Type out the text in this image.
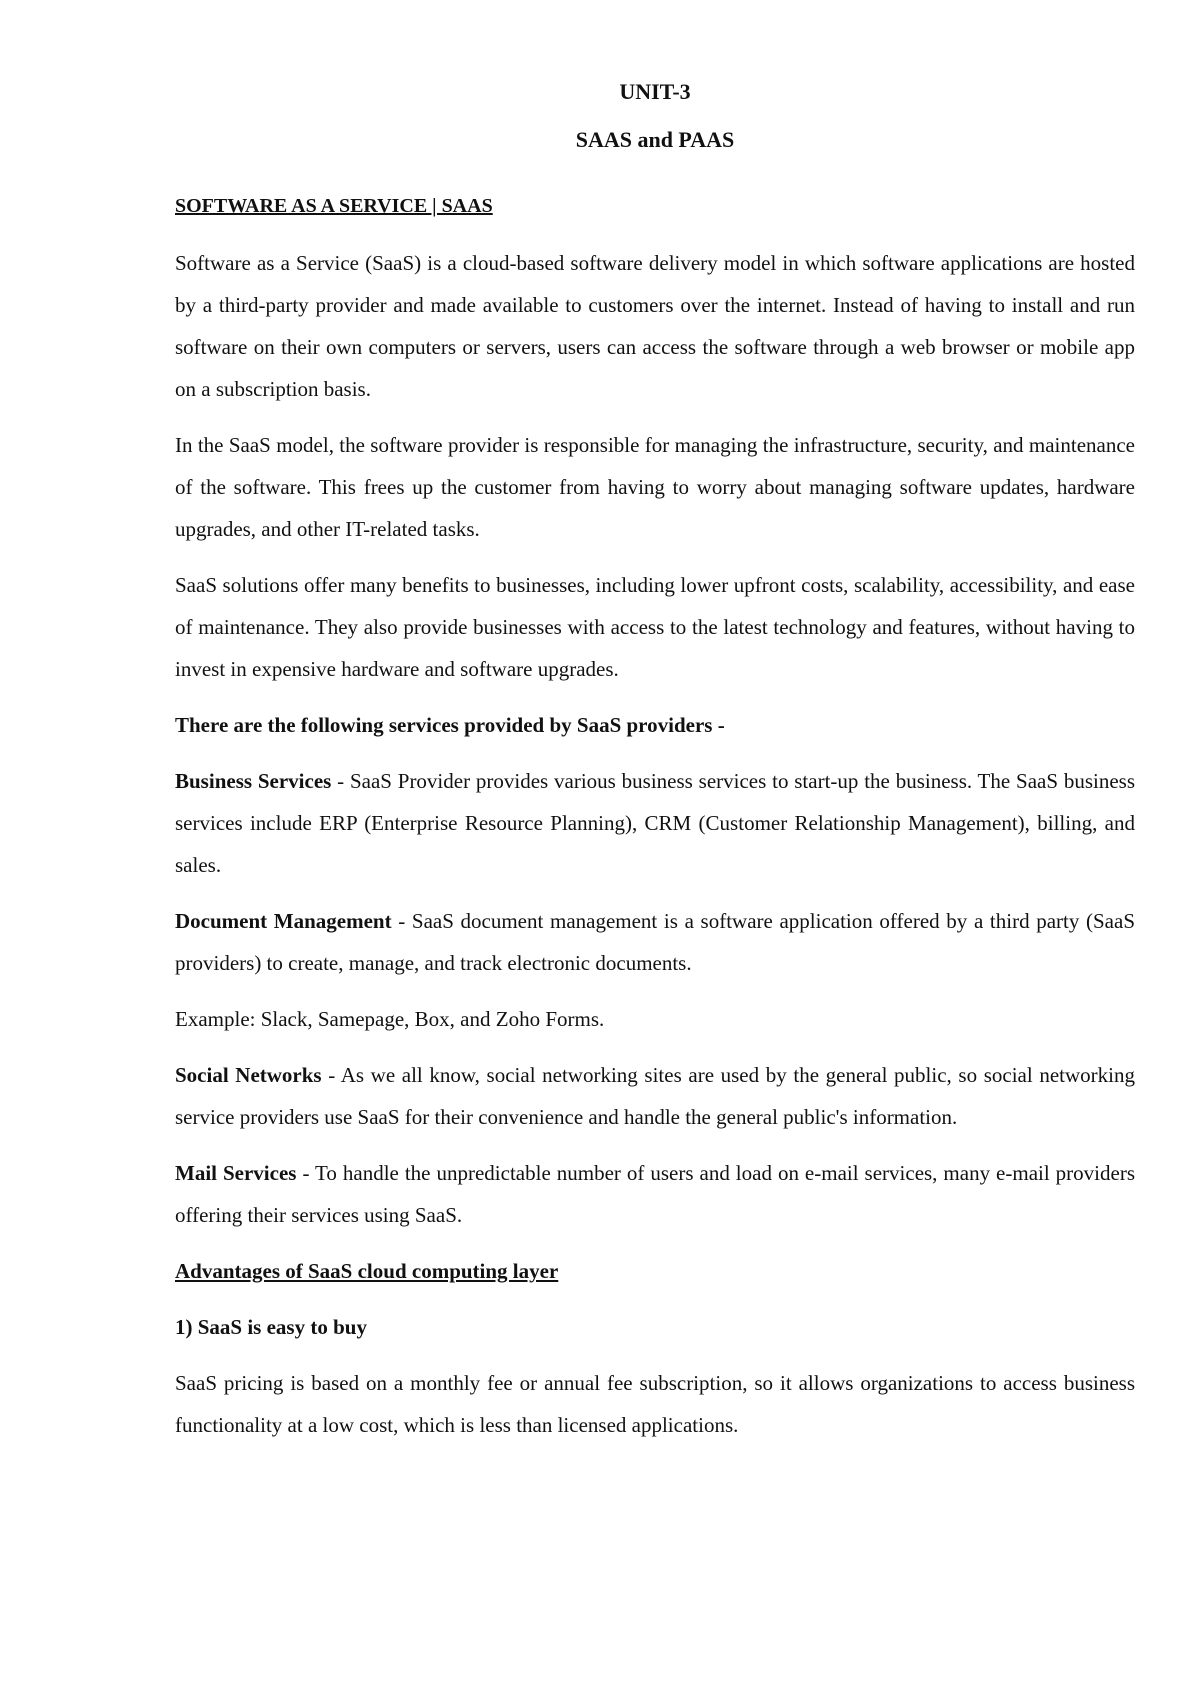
UNIT-3
SAAS and PAAS
SOFTWARE AS A SERVICE | SAAS

Software as a Service (SaaS) is a cloud-based software delivery model in which software applications are hosted by a third-party provider and made available to customers over the internet. Instead of having to install and run software on their own computers or servers, users can access the software through a web browser or mobile app on a subscription basis.

In the SaaS model, the software provider is responsible for managing the infrastructure, security, and maintenance of the software. This frees up the customer from having to worry about managing software updates, hardware upgrades, and other IT-related tasks.

SaaS solutions offer many benefits to businesses, including lower upfront costs, scalability, accessibility, and ease of maintenance. They also provide businesses with access to the latest technology and features, without having to invest in expensive hardware and software upgrades.

There are the following services provided by SaaS providers -

Business Services - SaaS Provider provides various business services to start-up the business. The SaaS business services include ERP (Enterprise Resource Planning), CRM (Customer Relationship Management), billing, and sales.

Document Management - SaaS document management is a software application offered by a third party (SaaS providers) to create, manage, and track electronic documents.

Example: Slack, Samepage, Box, and Zoho Forms.

Social Networks - As we all know, social networking sites are used by the general public, so social networking service providers use SaaS for their convenience and handle the general public's information.

Mail Services - To handle the unpredictable number of users and load on e-mail services, many e-mail providers offering their services using SaaS.

Advantages of SaaS cloud computing layer

1) SaaS is easy to buy

SaaS pricing is based on a monthly fee or annual fee subscription, so it allows organizations to access business functionality at a low cost, which is less than licensed applications.
